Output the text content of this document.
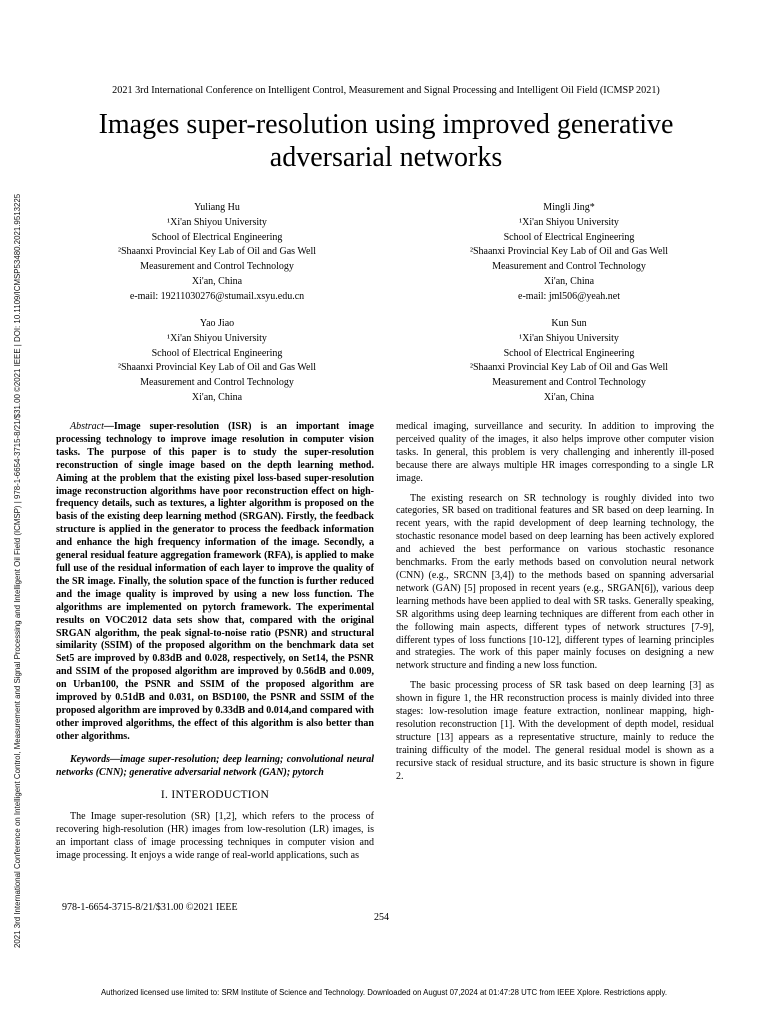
2021 3rd International Conference on Intelligent Control, Measurement and Signal Processing and Intelligent Oil Field (ICMSP) | 978-1-6654-3715-8/21/$31.00 ©2021 IEEE | DOI: 10.1109/ICMSP53480.2021.9513225
2021 3rd International Conference on Intelligent Control, Measurement and Signal Processing and Intelligent Oil Field (ICMSP 2021)
Images super-resolution using improved generative
adversarial networks
Yuliang Hu
¹Xi'an Shiyou University
School of Electrical Engineering
²Shaanxi Provincial Key Lab of Oil and Gas Well
Measurement and Control Technology
Xi'an, China
e-mail: 19211030276@stumail.xsyu.edu.cn
Mingli Jing*
¹Xi'an Shiyou University
School of Electrical Engineering
²Shaanxi Provincial Key Lab of Oil and Gas Well
Measurement and Control Technology
Xi'an, China
e-mail: jml506@yeah.net
Yao Jiao
¹Xi'an Shiyou University
School of Electrical Engineering
²Shaanxi Provincial Key Lab of Oil and Gas Well
Measurement and Control Technology
Xi'an, China
Kun Sun
¹Xi'an Shiyou University
School of Electrical Engineering
²Shaanxi Provincial Key Lab of Oil and Gas Well
Measurement and Control Technology
Xi'an, China

Abstract—Image super-resolution (ISR) is an important image processing technology to improve image resolution in computer vision tasks. The purpose of this paper is to study the super-resolution reconstruction of single image based on the depth learning method. Aiming at the problem that the existing pixel loss-based super-resolution image reconstruction algorithms have poor reconstruction effect on high-frequency details, such as textures, a lighter algorithm is proposed on the basis of the existing deep learning method (SRGAN). Firstly, the feedback structure is applied in the generator to process the feedback information and enhance the high frequency information of the image. Secondly, a general residual feature aggregation framework (RFA), is applied to make full use of the residual information of each layer to improve the quality of the SR image. Finally, the solution space of the function is further reduced and the image quality is improved by using a new loss function. The algorithms are implemented on pytorch framework. The experimental results on VOC2012 data sets show that, compared with the original SRGAN algorithm, the peak signal-to-noise ratio (PSNR) and structural similarity (SSIM) of the proposed algorithm on the benchmark data set Set5 are improved by 0.83dB and 0.028, respectively, on Set14, the PSNR and SSIM of the proposed algorithm are improved by 0.56dB and 0.009, on Urban100, the PSNR and SSIM of the proposed algorithm are improved by 0.51dB and 0.031, on BSD100, the PSNR and SSIM of the proposed algorithm are improved by 0.33dB and 0.014,and compared with other improved algorithms, the effect of this algorithm is also better than other algorithms.

Keywords—image super-resolution; deep learning; convolutional neural networks (CNN); generative adversarial network (GAN); pytorch

I. INTERODUCTION

The Image super-resolution (SR) [1,2], which refers to the process of recovering high-resolution (HR) images from low-resolution (LR) images, is an important class of image processing techniques in computer vision and image processing. It enjoys a wide range of real-world applications, such as

medical imaging, surveillance and security. In addition to improving the perceived quality of the images, it also helps improve other computer vision tasks. In general, this problem is very challenging and inherently ill-posed because there are always multiple HR images corresponding to a single LR image.

The existing research on SR technology is roughly divided into two categories, SR based on traditional features and SR based on deep learning. In recent years, with the rapid development of deep learning technology, the stochastic resonance model based on deep learning has been actively explored and achieved the best performance on various stochastic resonance benchmarks. From the early methods based on convolution neural network (CNN) (e.g., SRCNN [3,4]) to the methods based on spanning adversarial network (GAN) [5] proposed in recent years (e.g., SRGAN[6]), various deep learning methods have been applied to deal with SR tasks. Generally speaking, SR algorithms using deep learning techniques are different from each other in the following main aspects, different types of network structures [7-9], different types of loss functions [10-12], different types of learning principles and strategies. The work of this paper mainly focuses on designing a new network structure and finding a new loss function.

The basic processing process of SR task based on deep learning [3] as shown in figure 1, the HR reconstruction process is mainly divided into three stages: low-resolution image feature extraction, nonlinear mapping, high-resolution reconstruction [1]. With the development of depth model, residual structure [13] appears as a representative structure, mainly to reduce the training difficulty of the model. The general residual model is shown as a recursive stack of residual structure, and its basic structure is shown in figure 2.

978-1-6654-3715-8/21/$31.00 ©2021 IEEE
254
Authorized licensed use limited to: SRM Institute of Science and Technology. Downloaded on August 07,2024 at 01:47:28 UTC from IEEE Xplore. Restrictions apply.
